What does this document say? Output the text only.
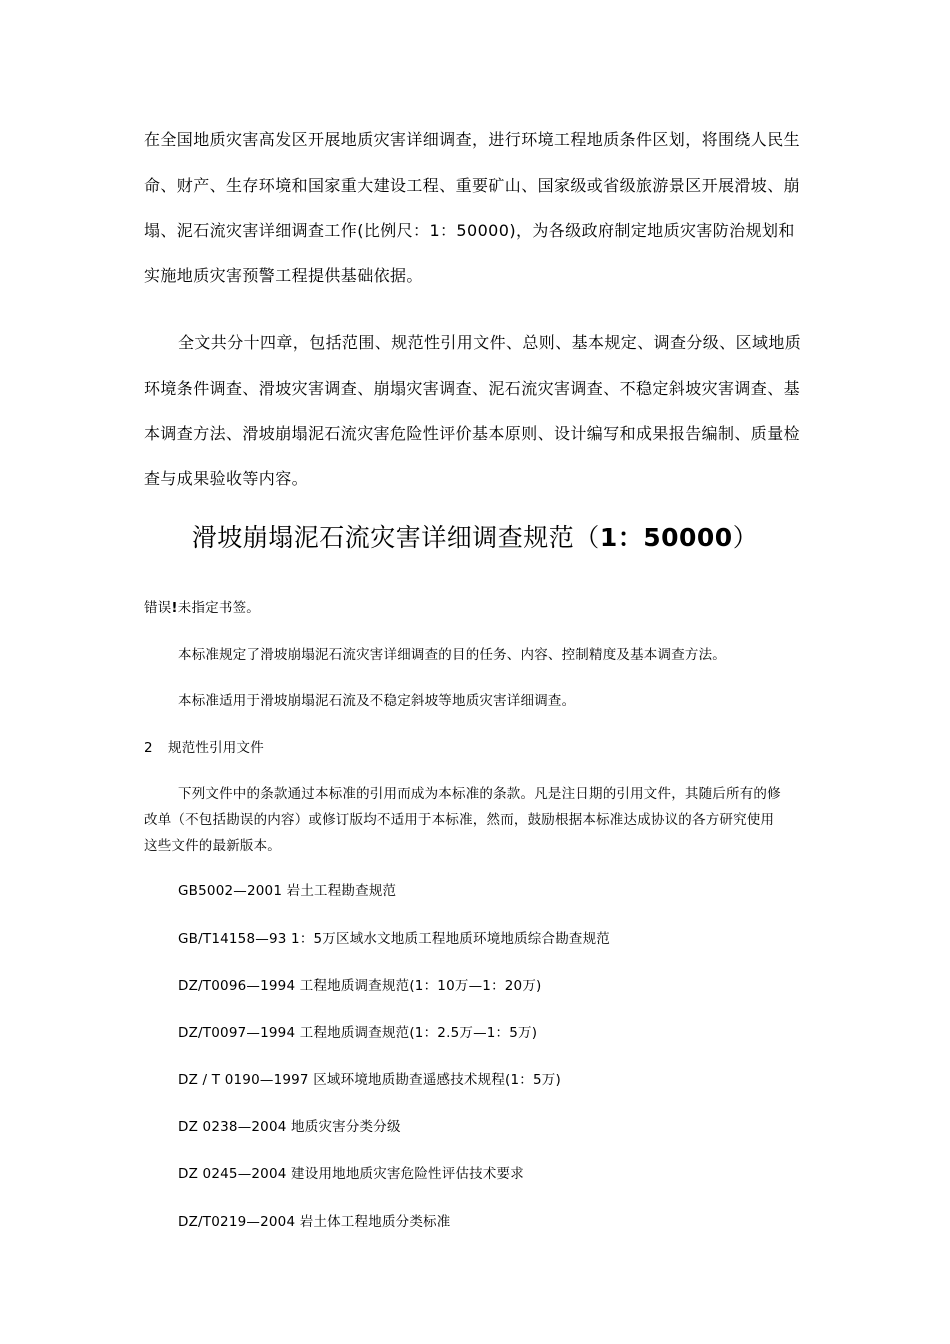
在全国地质灾害高发区开展地质灾害详细调查，进行环境工程地质条件区划，将围绕人民生

命、财产、生存环境和国家重大建设工程、重要矿山、国家级或省级旅游景区开展滑坡、崩

塌、泥石流灾害详细调查工作(比例尺：1：50000)，为各级政府制定地质灾害防治规划和

实施地质灾害预警工程提供基础依据。

全文共分十四章，包括范围、规范性引用文件、总则、基本规定、调查分级、区域地质

环境条件调查、滑坡灾害调查、崩塌灾害调查、泥石流灾害调查、不稳定斜坡灾害调查、基

本调查方法、滑坡崩塌泥石流灾害危险性评价基本原则、设计编写和成果报告编制、质量检

查与成果验收等内容。

滑坡崩塌泥石流灾害详细调查规范（1：50000）

错误!未指定书签。

本标准规定了滑坡崩塌泥石流灾害详细调查的目的任务、内容、控制精度及基本调查方法。

本标准适用于滑坡崩塌泥石流及不稳定斜坡等地质灾害详细调查。

2 规范性引用文件

下列文件中的条款通过本标准的引用而成为本标准的条款。凡是注日期的引用文件，其随后所有的修
改单（不包括勘误的内容）或修订版均不适用于本标准，然而，鼓励根据本标准达成协议的各方研究使用
这些文件的最新版本。

GB5002—2001 岩土工程勘查规范

GB/T14158—93 1：5万区域水文地质工程地质环境地质综合勘查规范

DZ/T0096—1994 工程地质调查规范(1：10万—1：20万)

DZ/T0097—1994 工程地质调查规范(1：2.5万—1：5万)

DZ / T 0190—1997 区域环境地质勘查遥感技术规程(1：5万)

DZ 0238—2004 地质灾害分类分级

DZ 0245—2004 建设用地地质灾害危险性评估技术要求

DZ/T0219—2004 岩土体工程地质分类标准
